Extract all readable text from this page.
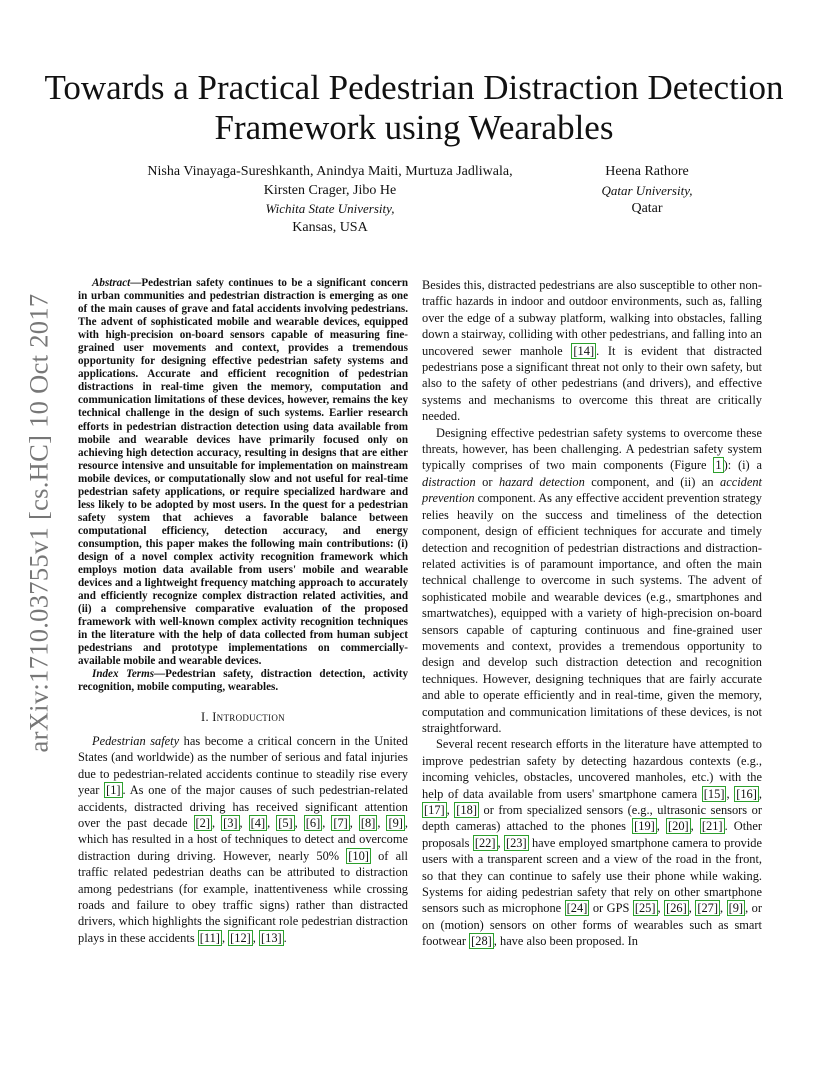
arXiv:1710.03755v1 [cs.HC] 10 Oct 2017
Towards a Practical Pedestrian Distraction Detection Framework using Wearables
Nisha Vinayaga-Sureshkanth, Anindya Maiti, Murtuza Jadliwala,
Kirsten Crager, Jibo He
Wichita State University,
Kansas, USA
Heena Rathore
Qatar University,
Qatar

Abstract—Pedestrian safety continues to be a significant concern in urban communities and pedestrian distraction is emerging as one of the main causes of grave and fatal accidents involving pedestrians. The advent of sophisticated mobile and wearable devices, equipped with high-precision on-board sensors capable of measuring fine-grained user movements and context, provides a tremendous opportunity for designing effective pedestrian safety systems and applications. Accurate and efficient recognition of pedestrian distractions in real-time given the memory, computation and communication limitations of these devices, however, remains the key technical challenge in the design of such systems. Earlier research efforts in pedestrian distraction detection using data available from mobile and wearable devices have primarily focused only on achieving high detection accuracy, resulting in designs that are either resource intensive and unsuitable for implementation on mainstream mobile devices, or computationally slow and not useful for real-time pedestrian safety applications, or require specialized hardware and less likely to be adopted by most users. In the quest for a pedestrian safety system that achieves a favorable balance between computational efficiency, detection accuracy, and energy consumption, this paper makes the following main contributions: (i) design of a novel complex activity recognition framework which employs motion data available from users' mobile and wearable devices and a lightweight frequency matching approach to accurately and efficiently recognize complex distraction related activities, and (ii) a comprehensive comparative evaluation of the proposed framework with well-known complex activity recognition techniques in the literature with the help of data collected from human subject pedestrians and prototype implementations on commercially-available mobile and wearable devices.

Index Terms—Pedestrian safety, distraction detection, activity recognition, mobile computing, wearables.

I. Introduction

Pedestrian safety has become a critical concern in the United States (and worldwide) as the number of serious and fatal injuries due to pedestrian-related accidents continue to steadily rise every year [1] . As one of the major causes of such pedestrian-related accidents, distracted driving has received significant attention over the past decade [2] , [3] , [4] , [5] , [6] , [7] , [8] , [9] , which has resulted in a host of techniques to detect and overcome distraction during driving. However, nearly 50% [10] of all traffic related pedestrian deaths can be attributed to distraction among pedestrians (for example, inattentiveness while crossing roads and failure to obey traffic signs) rather than distracted drivers, which highlights the significant role pedestrian distraction plays in these accidents [11] , [12] , [13] .

Besides this, distracted pedestrians are also susceptible to other non-traffic hazards in indoor and outdoor environments, such as, falling over the edge of a subway platform, walking into obstacles, falling down a stairway, colliding with other pedestrians, and falling into an uncovered sewer manhole [14] . It is evident that distracted pedestrians pose a significant threat not only to their own safety, but also to the safety of other pedestrians (and drivers), and effective systems and mechanisms to overcome this threat are critically needed.

Designing effective pedestrian safety systems to overcome these threats, however, has been challenging. A pedestrian safety system typically comprises of two main components (Figure 1 ): (i) a distraction or hazard detection component, and (ii) an accident prevention component. As any effective accident prevention strategy relies heavily on the success and timeliness of the detection component, design of efficient techniques for accurate and timely detection and recognition of pedestrian distractions and distraction-related activities is of paramount importance, and often the main technical challenge to overcome in such systems. The advent of sophisticated mobile and wearable devices (e.g., smartphones and smartwatches), equipped with a variety of high-precision on-board sensors capable of capturing continuous and fine-grained user movements and context, provides a tremendous opportunity to design and develop such distraction detection and recognition techniques. However, designing techniques that are fairly accurate and able to operate efficiently and in real-time, given the memory, computation and communication limitations of these devices, is not straightforward.

Several recent research efforts in the literature have attempted to improve pedestrian safety by detecting hazardous contexts (e.g., incoming vehicles, obstacles, uncovered manholes, etc.) with the help of data available from users' smartphone camera [15] , [16] , [17] , [18] or from specialized sensors (e.g., ultrasonic sensors or depth cameras) attached to the phones [19] , [20] , [21] . Other proposals [22] , [23] have employed smartphone camera to provide users with a transparent screen and a view of the road in the front, so that they can continue to safely use their phone while waking. Systems for aiding pedestrian safety that rely on other smartphone sensors such as microphone [24] or GPS [25] , [26] , [27] , [9] , or on (motion) sensors on other forms of wearables such as smart footwear [28] , have also been proposed. In
